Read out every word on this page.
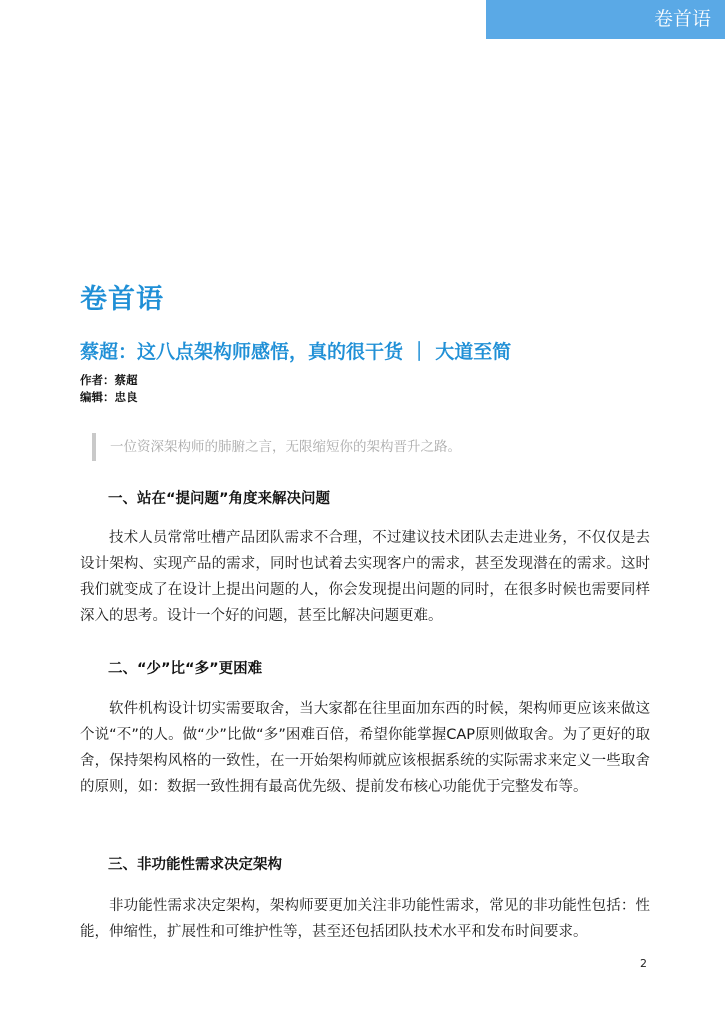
卷首语
卷首语
蔡超：这八点架构师感悟，真的很干货 ｜ 大道至简
作者：蔡超
编辑：忠良
一位资深架构师的肺腑之言，无限缩短你的架构晋升之路。
一、站在“提问题”角度来解决问题

技术人员常常吐槽产品团队需求不合理，不过建议技术团队去走进业务，不仅仅是去设计架构、实现产品的需求，同时也试着去实现客户的需求，甚至发现潜在的需求。这时我们就变成了在设计上提出问题的人，你会发现提出问题的同时，在很多时候也需要同样深入的思考。设计一个好的问题，甚至比解决问题更难。

二、“少”比“多”更困难

软件机构设计切实需要取舍，当大家都在往里面加东西的时候，架构师更应该来做这个说“不”的人。做“少”比做“多”困难百倍，希望你能掌握CAP原则做取舍。为了更好的取舍，保持架构风格的一致性，在一开始架构师就应该根据系统的实际需求来定义一些取舍的原则，如：数据一致性拥有最高优先级、提前发布核心功能优于完整发布等。

三、非功能性需求决定架构

非功能性需求决定架构，架构师要更加关注非功能性需求，常见的非功能性包括：性能，伸缩性，扩展性和可维护性等，甚至还包括团队技术水平和发布时间要求。

2
